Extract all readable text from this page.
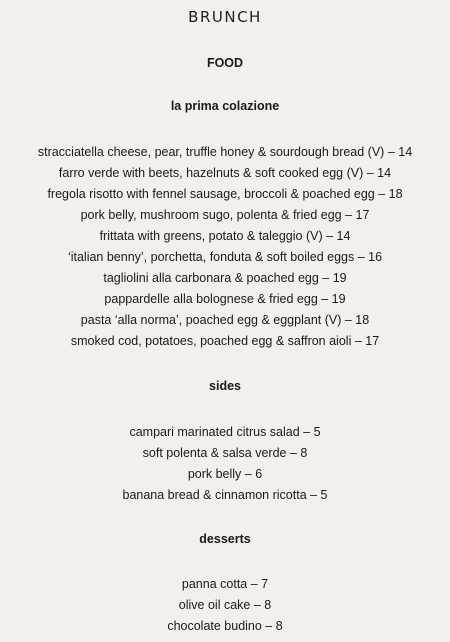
BRUNCH
FOOD
la prima colazione
stracciatella cheese, pear, truffle honey & sourdough bread (V) – 14
farro verde with beets, hazelnuts & soft cooked egg (V) – 14
fregola risotto with fennel sausage, broccoli & poached egg – 18
pork belly, mushroom sugo, polenta & fried egg – 17
frittata with greens, potato & taleggio (V) – 14
‘italian benny’, porchetta, fonduta & soft boiled eggs – 16
tagliolini alla carbonara & poached egg – 19
pappardelle alla bolognese & fried egg – 19
pasta ‘alla norma’, poached egg & eggplant (V) – 18
smoked cod, potatoes, poached egg & saffron aioli – 17
sides
campari marinated citrus salad – 5
soft polenta & salsa verde – 8
pork belly – 6
banana bread & cinnamon ricotta – 5
desserts
panna cotta – 7
olive oil cake – 8
chocolate budino – 8
